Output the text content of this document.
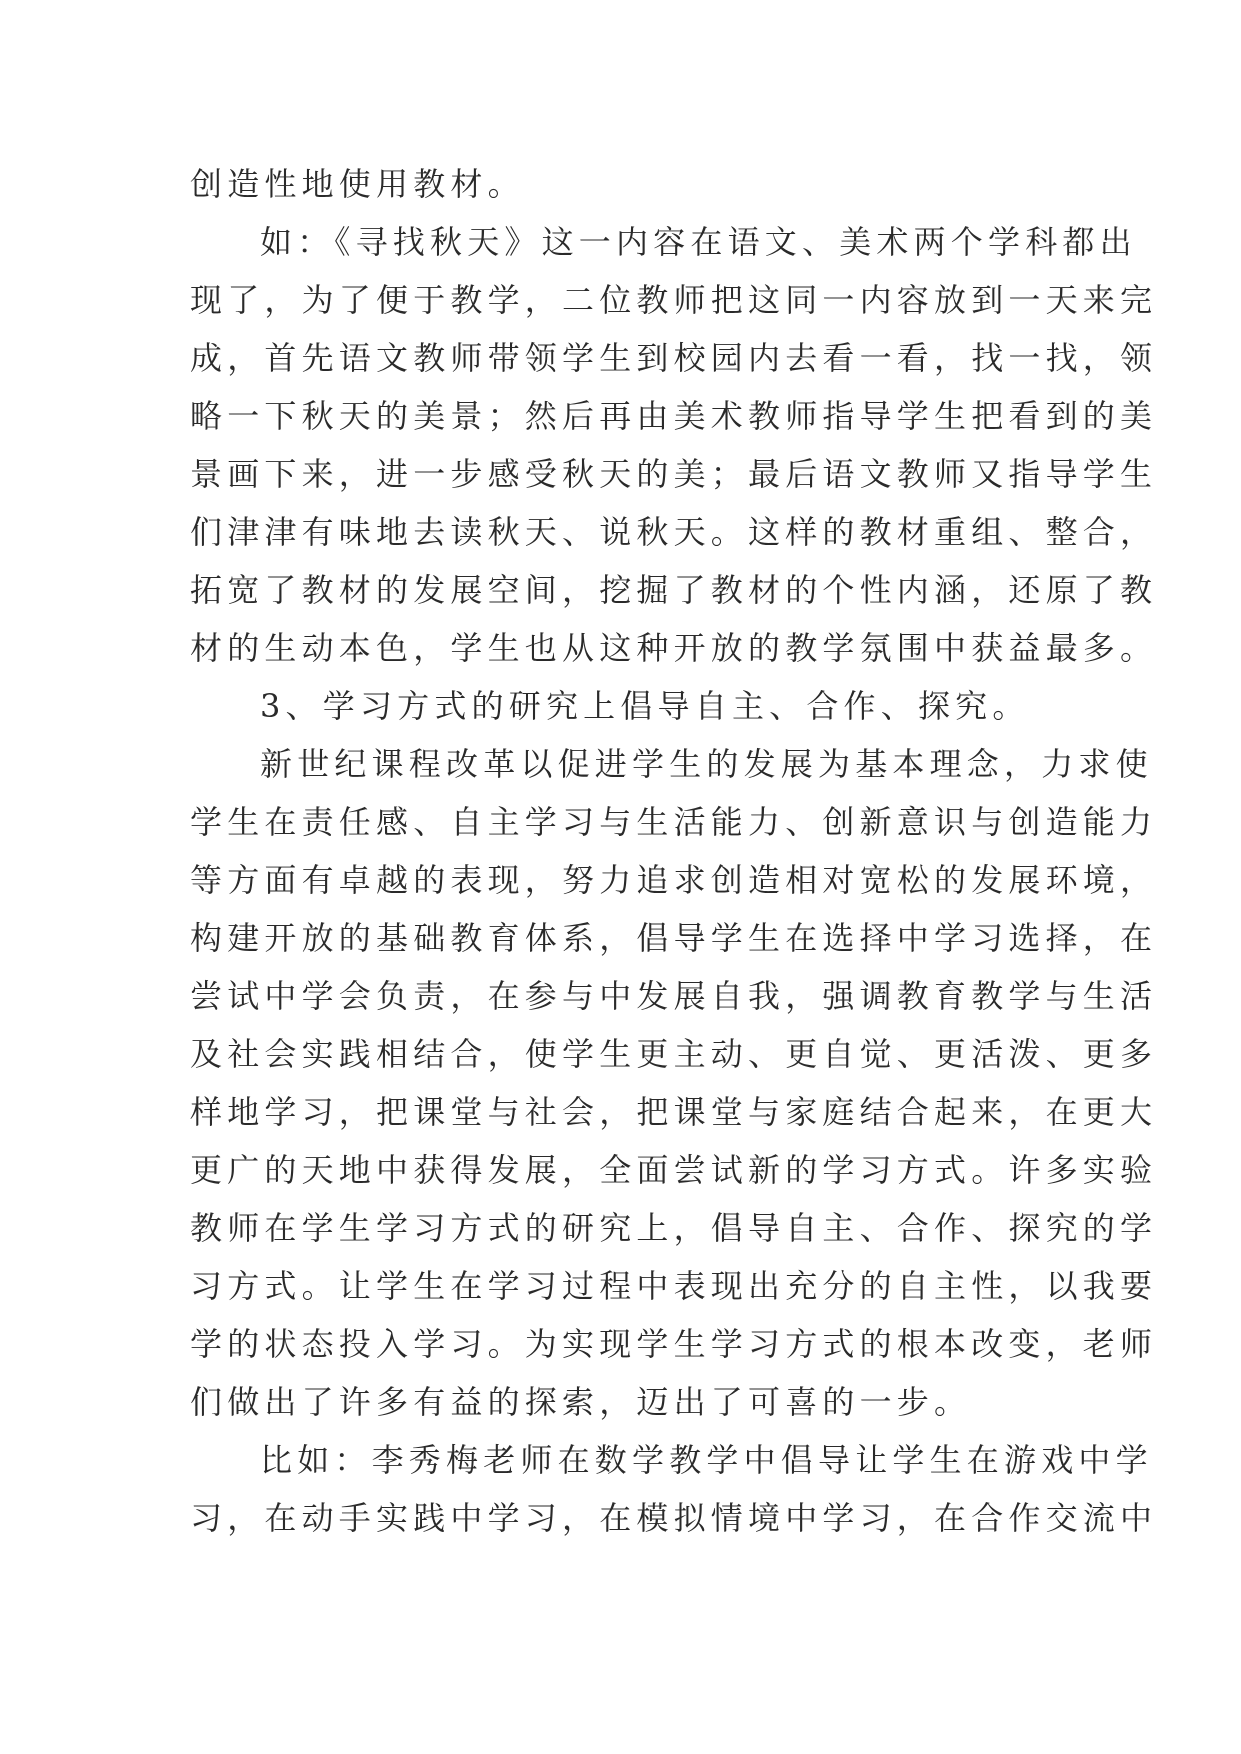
创造性地使用教材。
如：《寻找秋天》这一内容在语文、美术两个学科都出
现了，为了便于教学，二位教师把这同一内容放到一天来完
成，首先语文教师带领学生到校园内去看一看，找一找，领
略一下秋天的美景；然后再由美术教师指导学生把看到的美
景画下来，进一步感受秋天的美；最后语文教师又指导学生
们津津有味地去读秋天、说秋天。这样的教材重组、整合，
拓宽了教材的发展空间，挖掘了教材的个性内涵，还原了教
材的生动本色，学生也从这种开放的教学氛围中获益最多。
3、学习方式的研究上倡导自主、合作、探究。
新世纪课程改革以促进学生的发展为基本理念，力求使
学生在责任感、自主学习与生活能力、创新意识与创造能力
等方面有卓越的表现，努力追求创造相对宽松的发展环境，
构建开放的基础教育体系，倡导学生在选择中学习选择，在
尝试中学会负责，在参与中发展自我，强调教育教学与生活
及社会实践相结合，使学生更主动、更自觉、更活泼、更多
样地学习，把课堂与社会，把课堂与家庭结合起来，在更大
更广的天地中获得发展，全面尝试新的学习方式。许多实验
教师在学生学习方式的研究上，倡导自主、合作、探究的学
习方式。让学生在学习过程中表现出充分的自主性，以我要
学的状态投入学习。为实现学生学习方式的根本改变，老师
们做出了许多有益的探索，迈出了可喜的一步。
比如：李秀梅老师在数学教学中倡导让学生在游戏中学
习，在动手实践中学习，在模拟情境中学习，在合作交流中
